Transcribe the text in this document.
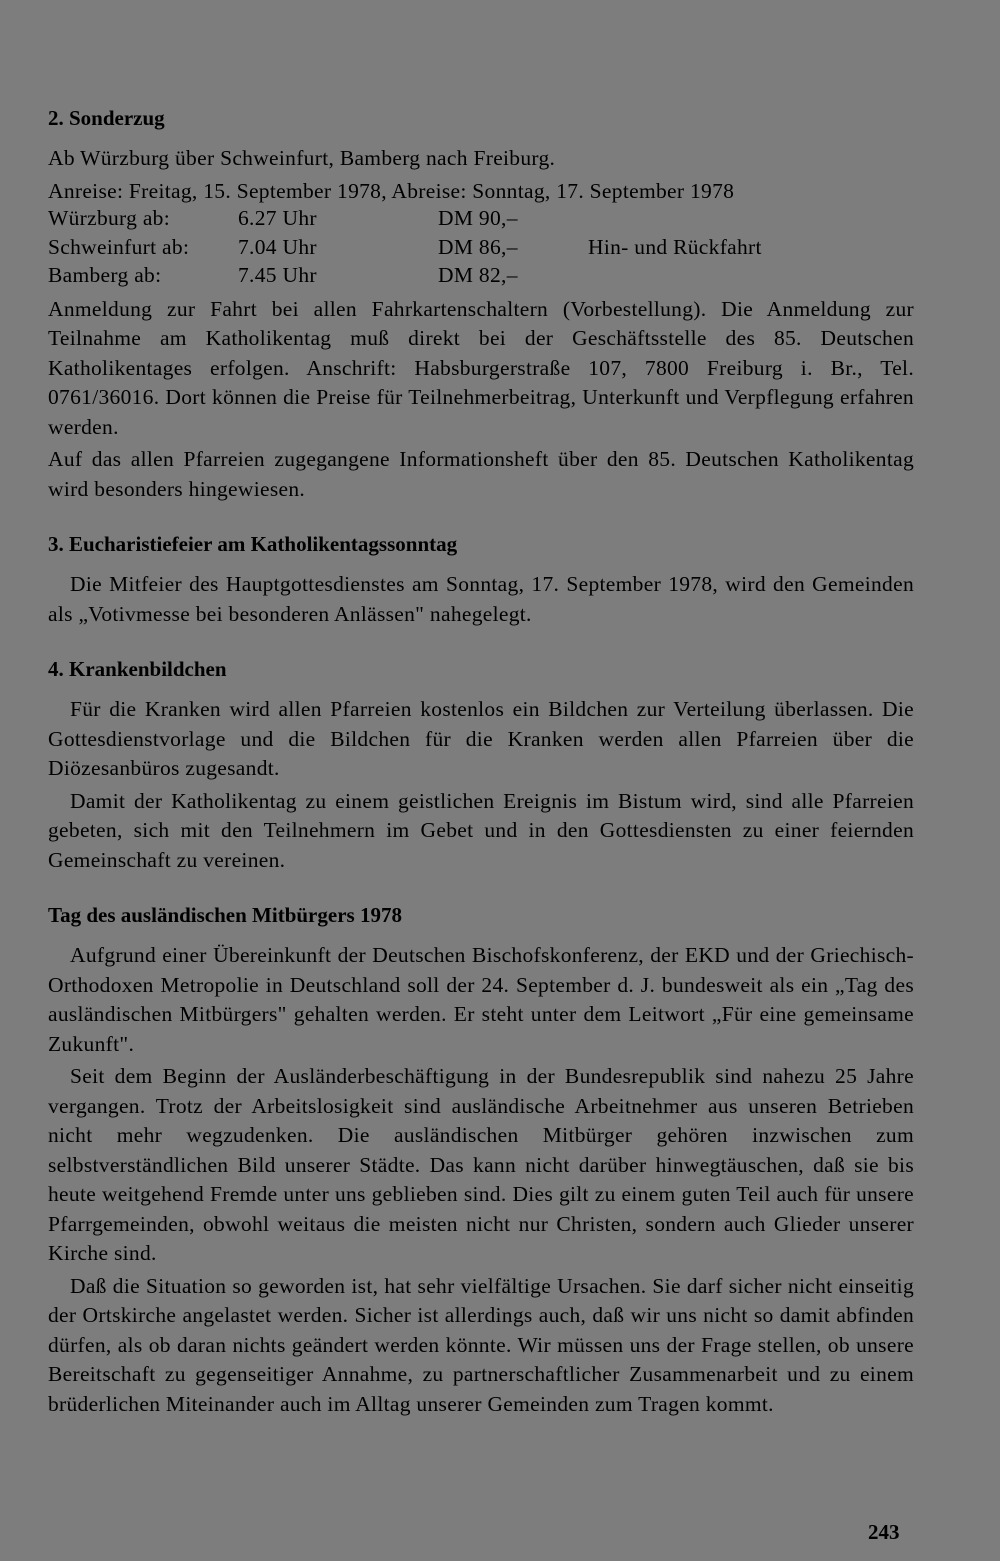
2. Sonderzug

Ab Würzburg über Schweinfurt, Bamberg nach Freiburg.

Anreise: Freitag, 15. September 1978, Abreise: Sonntag, 17. September 1978

Würzburg ab:	6.27 Uhr	DM 90,–	
Schweinfurt ab:	7.04 Uhr	DM 86,–	Hin- und Rückfahrt
Bamberg ab:	7.45 Uhr	DM 82,–	

Anmeldung zur Fahrt bei allen Fahrkartenschaltern (Vorbestellung). Die Anmeldung zur Teilnahme am Katholikentag muß direkt bei der Geschäftsstelle des 85. Deutschen Katholikentages erfolgen. Anschrift: Habsburgerstraße 107, 7800 Freiburg i. Br., Tel. 0761/36016. Dort können die Preise für Teilnehmerbeitrag, Unterkunft und Verpflegung erfahren werden.

Auf das allen Pfarreien zugegangene Informationsheft über den 85. Deutschen Katholikentag wird besonders hingewiesen.

3. Eucharistiefeier am Katholikentagssonntag

Die Mitfeier des Hauptgottesdienstes am Sonntag, 17. September 1978, wird den Gemeinden als „Votivmesse bei besonderen Anlässen" nahegelegt.

4. Krankenbildchen

Für die Kranken wird allen Pfarreien kostenlos ein Bildchen zur Verteilung überlassen. Die Gottesdienstvorlage und die Bildchen für die Kranken werden allen Pfarreien über die Diözesanbüros zugesandt.

Damit der Katholikentag zu einem geistlichen Ereignis im Bistum wird, sind alle Pfarreien gebeten, sich mit den Teilnehmern im Gebet und in den Gottesdiensten zu einer feiernden Gemeinschaft zu vereinen.

Tag des ausländischen Mitbürgers 1978

Aufgrund einer Übereinkunft der Deutschen Bischofskonferenz, der EKD und der Griechisch-Orthodoxen Metropolie in Deutschland soll der 24. September d. J. bundesweit als ein „Tag des ausländischen Mitbürgers" gehalten werden. Er steht unter dem Leitwort „Für eine gemeinsame Zukunft".

Seit dem Beginn der Ausländerbeschäftigung in der Bundesrepublik sind nahezu 25 Jahre vergangen. Trotz der Arbeitslosigkeit sind ausländische Arbeitnehmer aus unseren Betrieben nicht mehr wegzudenken. Die ausländischen Mitbürger gehören inzwischen zum selbstverständlichen Bild unserer Städte. Das kann nicht darüber hinwegtäuschen, daß sie bis heute weitgehend Fremde unter uns geblieben sind. Dies gilt zu einem guten Teil auch für unsere Pfarrgemeinden, obwohl weitaus die meisten nicht nur Christen, sondern auch Glieder unserer Kirche sind.

Daß die Situation so geworden ist, hat sehr vielfältige Ursachen. Sie darf sicher nicht einseitig der Ortskirche angelastet werden. Sicher ist allerdings auch, daß wir uns nicht so damit abfinden dürfen, als ob daran nichts geändert werden könnte. Wir müssen uns der Frage stellen, ob unsere Bereitschaft zu gegenseitiger Annahme, zu partnerschaftlicher Zusammenarbeit und zu einem brüderlichen Miteinander auch im Alltag unserer Gemeinden zum Tragen kommt.

243
